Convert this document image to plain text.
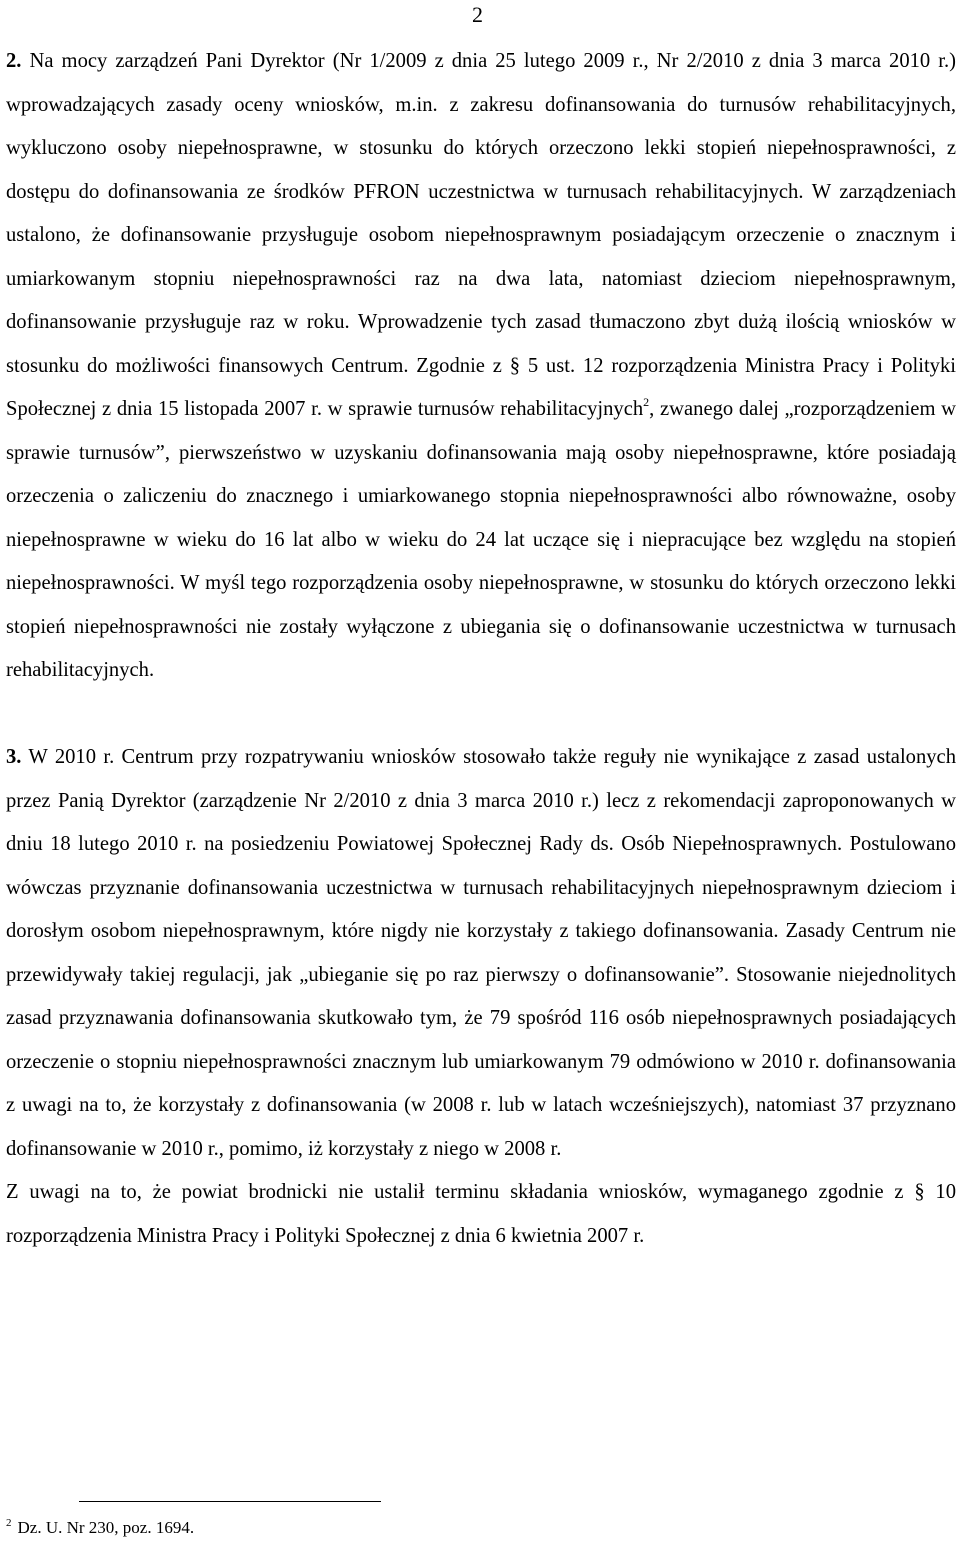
2

2. Na mocy zarządzeń Pani Dyrektor (Nr 1/2009 z dnia 25 lutego 2009 r., Nr 2/2010 z dnia 3 marca 2010 r.) wprowadzających zasady oceny wniosków, m.in. z zakresu dofinansowania do turnusów rehabilitacyjnych, wykluczono osoby niepełnosprawne, w stosunku do których orzeczono lekki stopień niepełnosprawności, z dostępu do dofinansowania ze środków PFRON uczestnictwa w turnusach rehabilitacyjnych. W zarządzeniach ustalono, że dofinansowanie przysługuje osobom niepełnosprawnym posiadającym orzeczenie o znacznym i umiarkowanym stopniu niepełnosprawności raz na dwa lata, natomiast dzieciom niepełnosprawnym, dofinansowanie przysługuje raz w roku. Wprowadzenie tych zasad tłumaczono zbyt dużą ilością wniosków w stosunku do możliwości finansowych Centrum. Zgodnie z § 5 ust. 12 rozporządzenia Ministra Pracy i Polityki Społecznej z dnia 15 listopada 2007 r. w sprawie turnusów rehabilitacyjnych$^2$, zwanego dalej „rozporządzeniem w sprawie turnusów”, pierwszeństwo w uzyskaniu dofinansowania mają osoby niepełnosprawne, które posiadają orzeczenia o zaliczeniu do znacznego i umiarkowanego stopnia niepełnosprawności albo równoważne, osoby niepełnosprawne w wieku do 16 lat albo w wieku do 24 lat uczące się i niepracujące bez względu na stopień niepełnosprawności. W myśl tego rozporządzenia osoby niepełnosprawne, w stosunku do których orzeczono lekki stopień niepełnosprawności nie zostały wyłączone z ubiegania się o dofinansowanie uczestnictwa w turnusach rehabilitacyjnych.

3. W 2010 r. Centrum przy rozpatrywaniu wniosków stosowało także reguły nie wynikające z zasad ustalonych przez Panią Dyrektor (zarządzenie Nr 2/2010 z dnia 3 marca 2010 r.) lecz z rekomendacji zaproponowanych w dniu 18 lutego 2010 r. na posiedzeniu Powiatowej Społecznej Rady ds. Osób Niepełnosprawnych. Postulowano wówczas przyznanie dofinansowania uczestnictwa w turnusach rehabilitacyjnych niepełnosprawnym dzieciom i dorosłym osobom niepełnosprawnym, które nigdy nie korzystały z takiego dofinansowania. Zasady Centrum nie przewidywały takiej regulacji, jak „ubieganie się po raz pierwszy o dofinansowanie”. Stosowanie niejednolitych zasad przyznawania dofinansowania skutkowało tym, że 79 spośród 116 osób niepełnosprawnych posiadających orzeczenie o stopniu niepełnosprawności znacznym lub umiarkowanym 79 odmówiono w 2010 r. dofinansowania z uwagi na to, że korzystały z dofinansowania (w 2008 r. lub w latach wcześniejszych), natomiast 37 przyznano dofinansowanie w 2010 r., pomimo, iż korzystały z niego w 2008 r.

Z uwagi na to, że powiat brodnicki nie ustalił terminu składania wniosków, wymaganego zgodnie z § 10 rozporządzenia Ministra Pracy i Polityki Społecznej z dnia 6 kwietnia 2007 r.

$^2$ Dz. U. Nr 230, poz. 1694.
